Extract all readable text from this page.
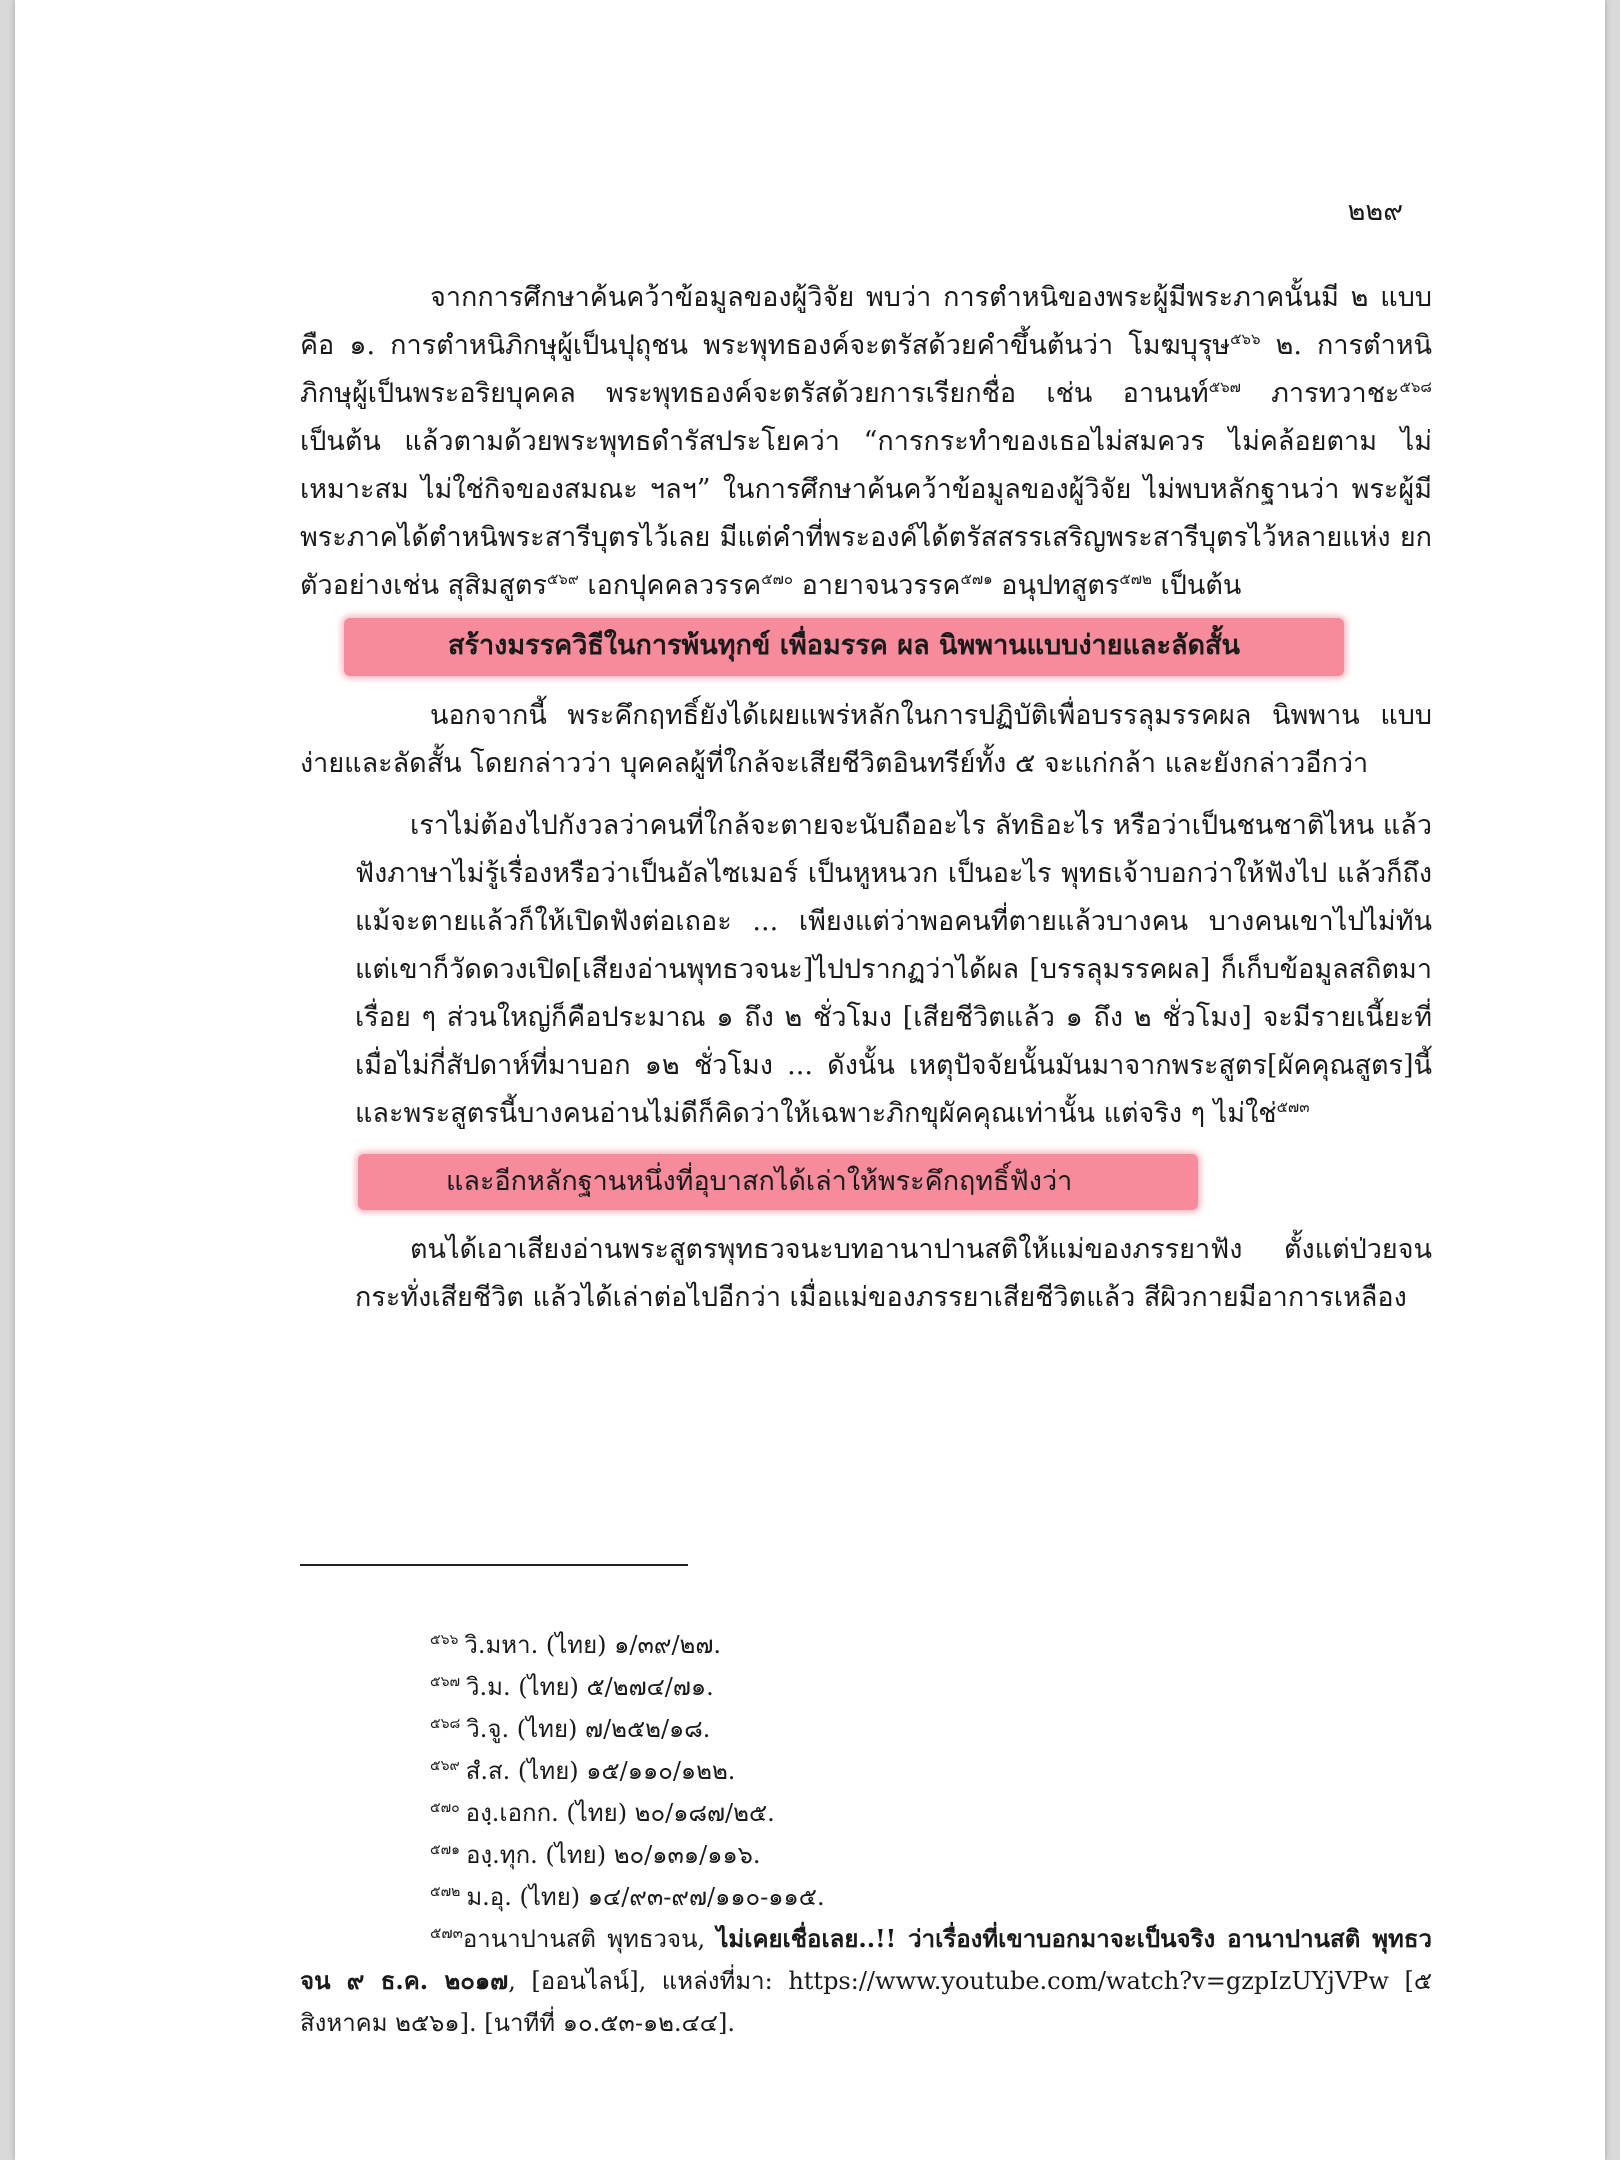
๒๒๙

จากการศึกษาค้นคว้าข้อมูลของผู้วิจัย พบว่า การตำหนิของพระผู้มีพระภาคนั้นมี ๒ แบบ คือ ๑. การตำหนิภิกษุผู้เป็นปุถุชน พระพุทธองค์จะตรัสด้วยคำขึ้นต้นว่า โมฆบุรุษ$^{๕๖๖}$ ๒. การตำหนิภิกษุผู้เป็นพระอริยบุคคล พระพุทธองค์จะตรัสด้วยการเรียกชื่อ เช่น อานนท์$^{๕๖๗}$ ภารทวาชะ$^{๕๖๘}$ เป็นต้น แล้วตามด้วยพระพุทธดำรัสประโยคว่า “การกระทำของเธอไม่สมควร ไม่คล้อยตาม ไม่เหมาะสม ไม่ใช่กิจของสมณะ ฯลฯ” ในการศึกษาค้นคว้าข้อมูลของผู้วิจัย ไม่พบหลักฐานว่า พระผู้มีพระภาคได้ตำหนิพระสารีบุตรไว้เลย มีแต่คำที่พระองค์ได้ตรัสสรรเสริญพระสารีบุตรไว้หลายแห่ง ยกตัวอย่างเช่น สุสิมสูตร$^{๕๖๙}$ เอกปุคคลวรรค$^{๕๗๐}$ อายาจนวรรค$^{๕๗๑}$ อนุปทสูตร$^{๕๗๒}$ เป็นต้น

สร้างมรรควิธีในการพ้นทุกข์ เพื่อมรรค ผล นิพพานแบบง่ายและลัดสั้น

นอกจากนี้ พระคึกฤทธิ์ยังได้เผยแพร่หลักในการปฏิบัติเพื่อบรรลุมรรคผล นิพพาน แบบง่ายและลัดสั้น โดยกล่าวว่า บุคคลผู้ที่ใกล้จะเสียชีวิตอินทรีย์ทั้ง ๕ จะแก่กล้า และยังกล่าวอีกว่า

เราไม่ต้องไปกังวลว่าคนที่ใกล้จะตายจะนับถืออะไร ลัทธิอะไร หรือว่าเป็นชนชาติไหน แล้วฟังภาษาไม่รู้เรื่องหรือว่าเป็นอัลไซเมอร์ เป็นหูหนวก เป็นอะไร พุทธเจ้าบอกว่าให้ฟังไป แล้วก็ถึงแม้จะตายแล้วก็ให้เปิดฟังต่อเถอะ ... เพียงแต่ว่าพอคนที่ตายแล้วบางคน บางคนเขาไปไม่ทัน แต่เขาก็วัดดวงเปิด[เสียงอ่านพุทธวจนะ]ไปปรากฏว่าได้ผล [บรรลุมรรคผล] ก็เก็บข้อมูลสถิตมาเรื่อย ๆ ส่วนใหญ่ก็คือประมาณ ๑ ถึง ๒ ชั่วโมง [เสียชีวิตแล้ว ๑ ถึง ๒ ชั่วโมง] จะมีรายเนี้ยะที่เมื่อไม่กี่สัปดาห์ที่มาบอก ๑๒ ชั่วโมง ... ดังนั้น เหตุปัจจัยนั้นมันมาจากพระสูตร[ผัคคุณสูตร]นี้ และพระสูตรนี้บางคนอ่านไม่ดีก็คิดว่าให้เฉพาะภิกขุผัคคุณเท่านั้น แต่จริง ๆ ไม่ใช่$^{๕๗๓}$

และอีกหลักฐานหนึ่งที่อุบาสกได้เล่าให้พระคึกฤทธิ์ฟังว่า

ตนได้เอาเสียงอ่านพระสูตรพุทธวจนะบทอานาปานสติให้แม่ของภรรยาฟัง ตั้งแต่ป่วยจนกระทั่งเสียชีวิต แล้วได้เล่าต่อไปอีกว่า เมื่อแม่ของภรรยาเสียชีวิตแล้ว สีผิวกายมีอาการเหลือง

$^{๕๖๖}$ วิ.มหา. (ไทย) ๑/๓๙/๒๗.

$^{๕๖๗}$ วิ.ม. (ไทย) ๕/๒๗๔/๗๑.

$^{๕๖๘}$ วิ.จู. (ไทย) ๗/๒๕๒/๑๘.

$^{๕๖๙}$ สํ.ส. (ไทย) ๑๕/๑๑๐/๑๒๒.

$^{๕๗๐}$ องฺ.เอกก. (ไทย) ๒๐/๑๘๗/๒๕.

$^{๕๗๑}$ องฺ.ทุก. (ไทย) ๒๐/๑๓๑/๑๑๖.

$^{๕๗๒}$ ม.อุ. (ไทย) ๑๔/๙๓-๙๗/๑๑๐-๑๑๕.

$^{๕๗๓}$อานาปานสติ พุทธวจน, ไม่เคยเชื่อเลย..!! ว่าเรื่องที่เขาบอกมาจะเป็นจริง อานาปานสติ พุทธวจน ๙ ธ.ค. ๒๐๑๗, [ออนไลน์], แหล่งที่มา: https://www.youtube.com/watch?v=gzpIzUYjVPw [๕ สิงหาคม ๒๕๖๑]. [นาทีที่ ๑๐.๕๓-๑๒.๔๔].
